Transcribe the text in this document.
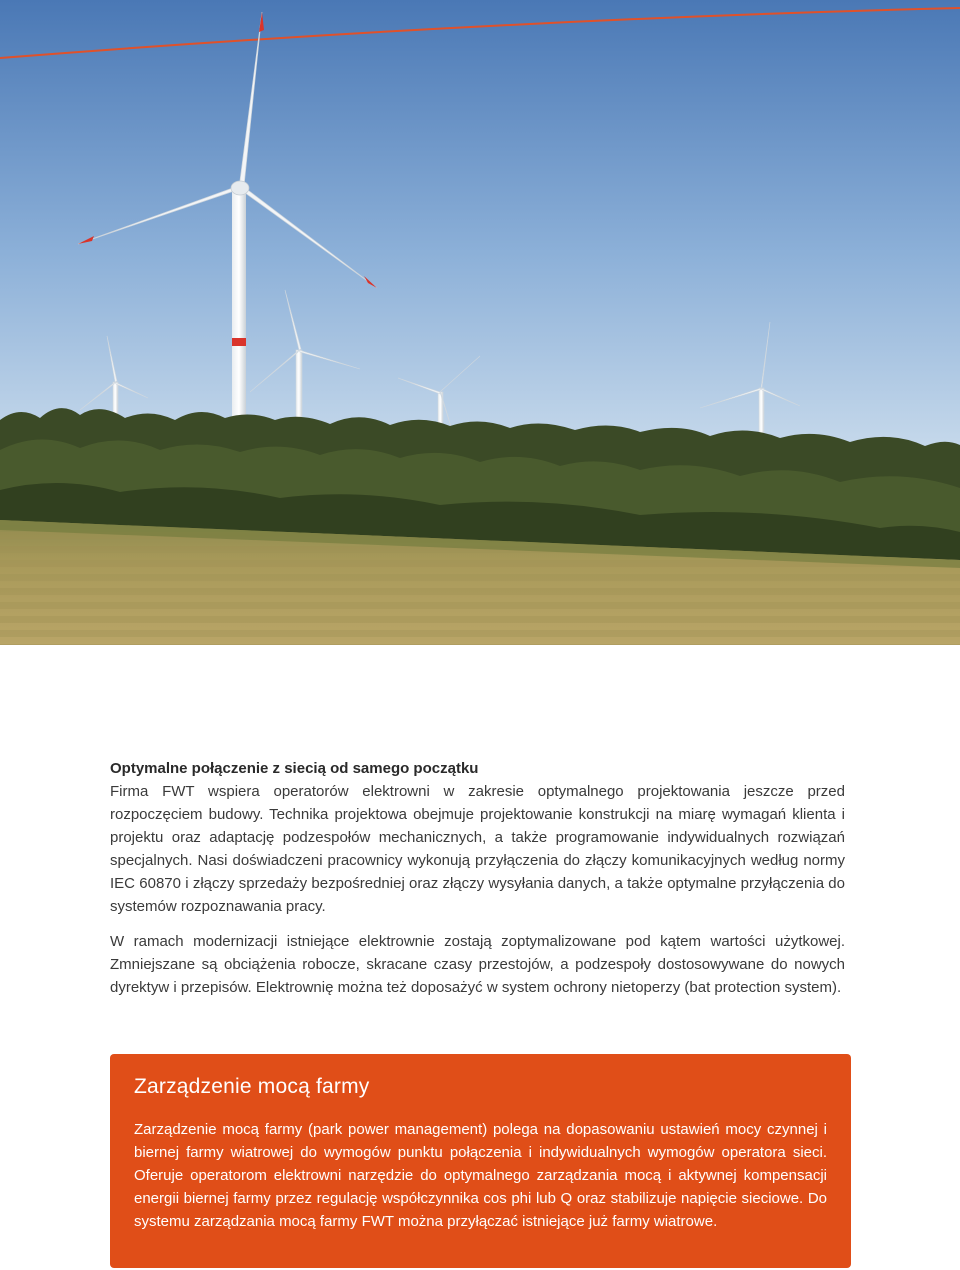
Optymalne połączenie z siecią od samego początku
Firma FWT wspiera operatorów elektrowni w zakresie optymalnego projektowania jeszcze przed rozpoczęciem budowy. Technika projektowa obejmuje projektowanie konstrukcji na miarę wymagań klienta i projektu oraz adaptację podzespołów mechanicznych, a także programowanie indywidualnych rozwiązań specjalnych. Nasi doświadczeni pracownicy wykonują przyłączenia do złączy komunikacyjnych według normy IEC 60870 i złączy sprzedaży bezpośredniej oraz złączy wysyłania danych, a także optymalne przyłączenia do systemów rozpoznawania pracy.

W ramach modernizacji istniejące elektrownie zostają zoptymalizowane pod kątem wartości użytkowej. Zmniejszane są obciążenia robocze, skracane czasy przestojów, a podzespoły dostosowywane do nowych dyrektyw i przepisów. Elektrownię można też doposażyć w system ochrony nietoperzy (bat protection system).

Zarządzenie mocą farmy

Zarządzenie mocą farmy (park power management) polega na dopasowaniu ustawień mocy czynnej i biernej farmy wiatrowej do wymogów punktu połączenia i indywidualnych wymogów operatora sieci. Oferuje operatorom elektrowni narzędzie do optymalnego zarządzania mocą i aktywnej kompensacji energii biernej farmy przez regulację współczynnika cos phi lub Q oraz stabilizuje napięcie sieciowe. Do systemu zarządzania mocą farmy FWT można przyłączać istniejące już farmy wiatrowe.
